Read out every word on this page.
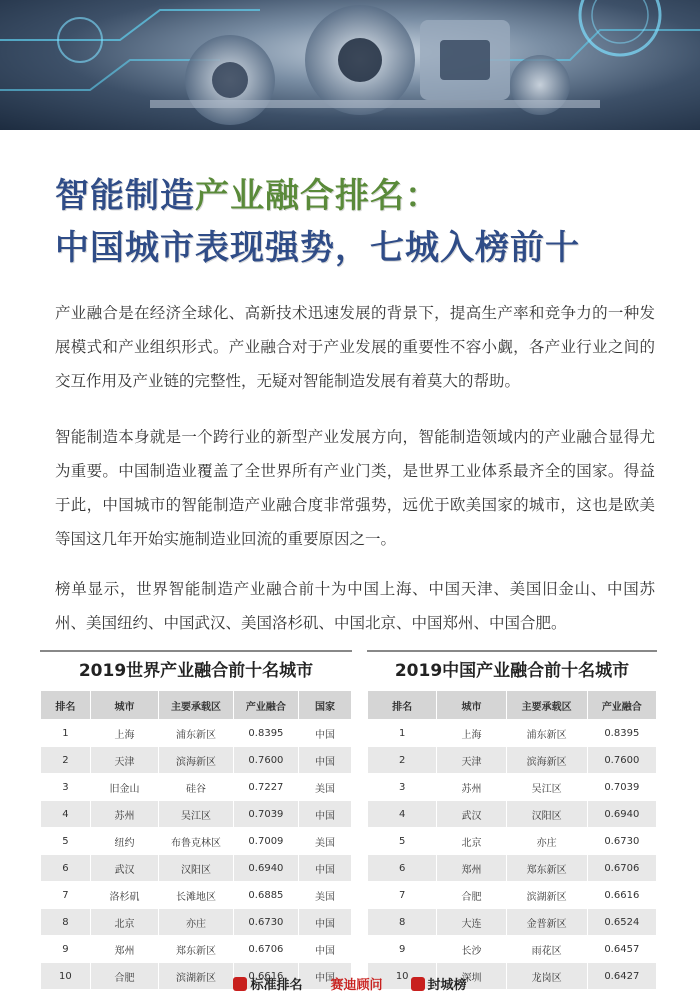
智能制造产业融合排名：
中国城市表现强势，七城入榜前十

产业融合是在经济全球化、高新技术迅速发展的背景下，提高生产率和竞争力的一种发展模式和产业组织形式。产业融合对于产业发展的重要性不容小觑，各产业行业之间的交互作用及产业链的完整性，无疑对智能制造发展有着莫大的帮助。

智能制造本身就是一个跨行业的新型产业发展方向，智能制造领域内的产业融合显得尤为重要。中国制造业覆盖了全世界所有产业门类，是世界工业体系最齐全的国家。得益于此，中国城市的智能制造产业融合度非常强势，远优于欧美国家的城市，这也是欧美等国这几年开始实施制造业回流的重要原因之一。

榜单显示，世界智能制造产业融合前十为中国上海、中国天津、美国旧金山、中国苏州、美国纽约、中国武汉、美国洛杉矶、中国北京、中国郑州、中国合肥。

2019世界产业融合前十名城市
排名	城市	主要承载区	产业融合	国家
1	上海	浦东新区	0.8395	中国
2	天津	滨海新区	0.7600	中国
3	旧金山	硅谷	0.7227	美国
4	苏州	吴江区	0.7039	中国
5	纽约	布鲁克林区	0.7009	美国
6	武汉	汉阳区	0.6940	中国
7	洛杉矶	长滩地区	0.6885	美国
8	北京	亦庄	0.6730	中国
9	郑州	郑东新区	0.6706	中国
10	合肥	滨湖新区	0.6616	中国
2019中国产业融合前十名城市
排名	城市	主要承载区	产业融合
1	上海	浦东新区	0.8395
2	天津	滨海新区	0.7600
3	苏州	吴江区	0.7039
4	武汉	汉阳区	0.6940
5	北京	亦庄	0.6730
6	郑州	郑东新区	0.6706
7	合肥	滨湖新区	0.6616
8	大连	金普新区	0.6524
9	长沙	雨花区	0.6457
10	深圳	龙岗区	0.6427
标准排名 赛迪顾问	封城榜
